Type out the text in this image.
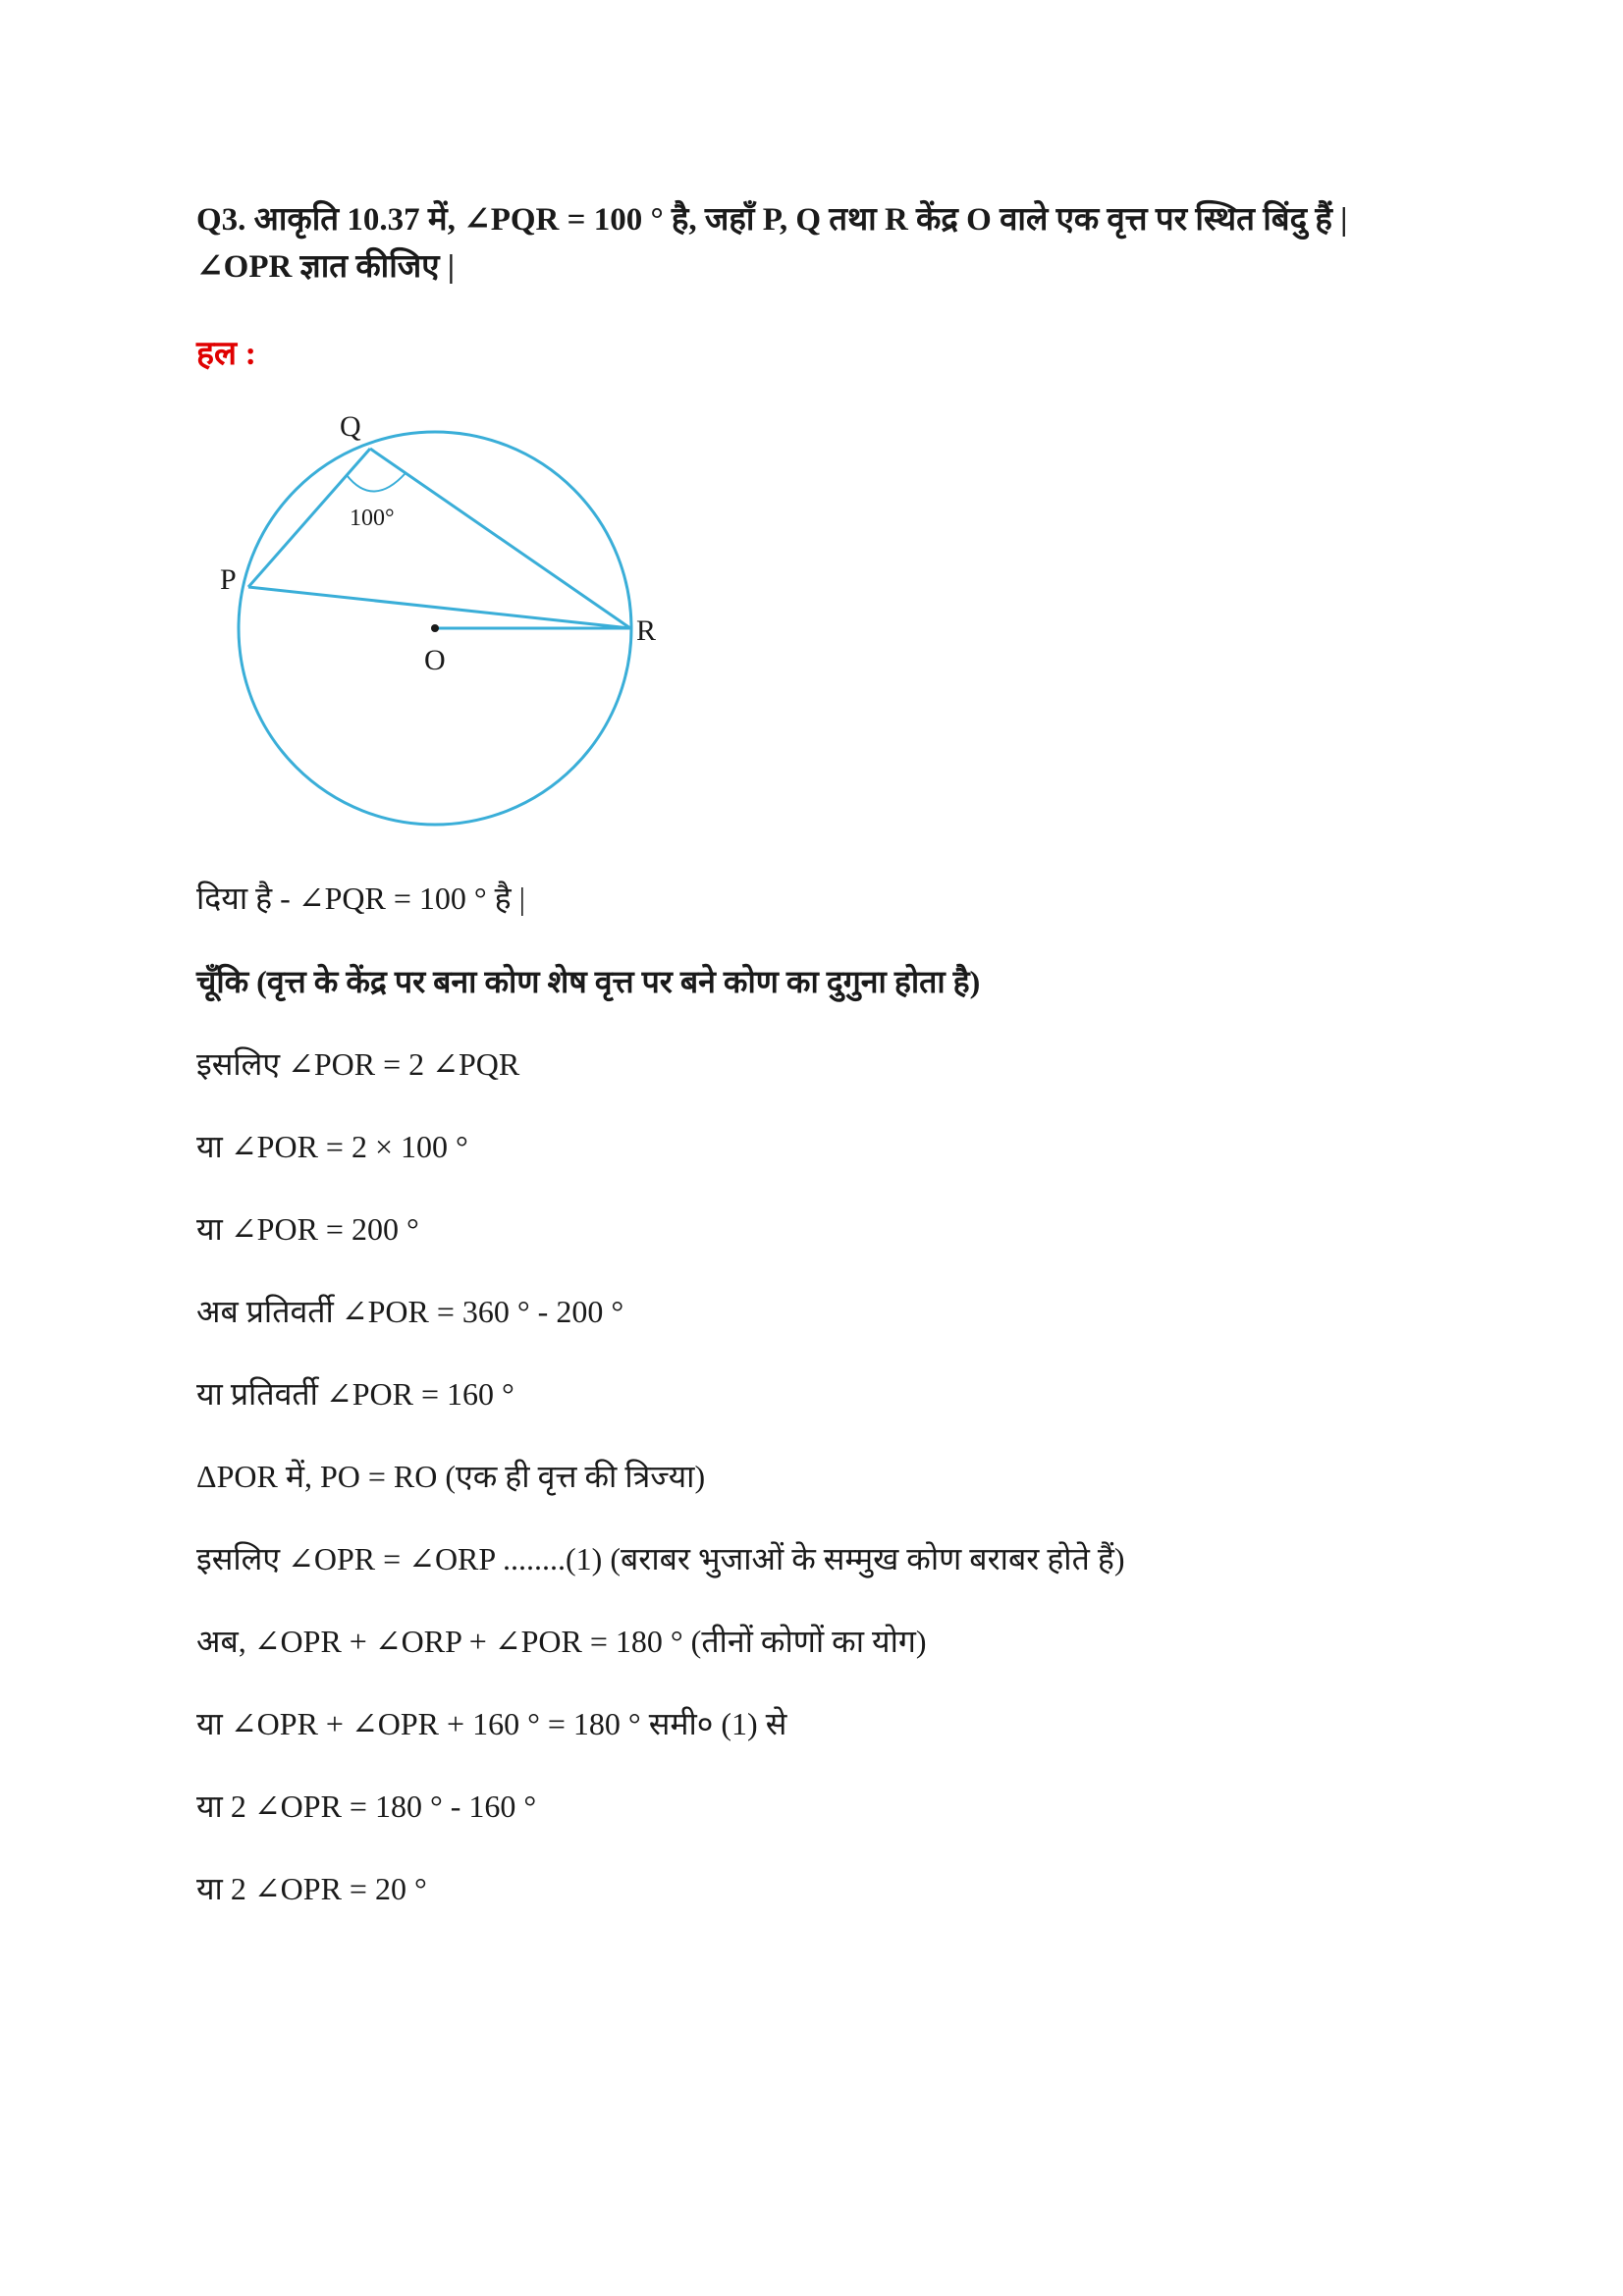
Q3. आकृति 10.37 में, ∠PQR = 100 ° है, जहाँ P, Q तथा R केंद्र O वाले एक वृत्त पर स्थित बिंदु हैं | ∠OPR ज्ञात कीजिए |
हल :
Q
P
R
O
100°
दिया है - ∠PQR = 100 ° है |
चूँकि (वृत्त के केंद्र पर बना कोण शेष वृत्त पर बने कोण का दुगुना होता है)
इसलिए ∠POR = 2 ∠PQR
या ∠POR = 2 × 100 °
या ∠POR = 200 °
अब प्रतिवर्ती ∠POR = 360 ° - 200 °
या प्रतिवर्ती ∠POR = 160 °
ΔPOR में, PO = RO (एक ही वृत्त की त्रिज्या)
इसलिए ∠OPR = ∠ORP ........(1) (बराबर भुजाओं के सम्मुख कोण बराबर होते हैं)
अब, ∠OPR + ∠ORP + ∠POR = 180 ° (तीनों कोणों का योग)
या ∠OPR + ∠OPR + 160 ° = 180 ° समी० (1) से
या 2 ∠OPR = 180 ° - 160 °
या 2 ∠OPR = 20 °
